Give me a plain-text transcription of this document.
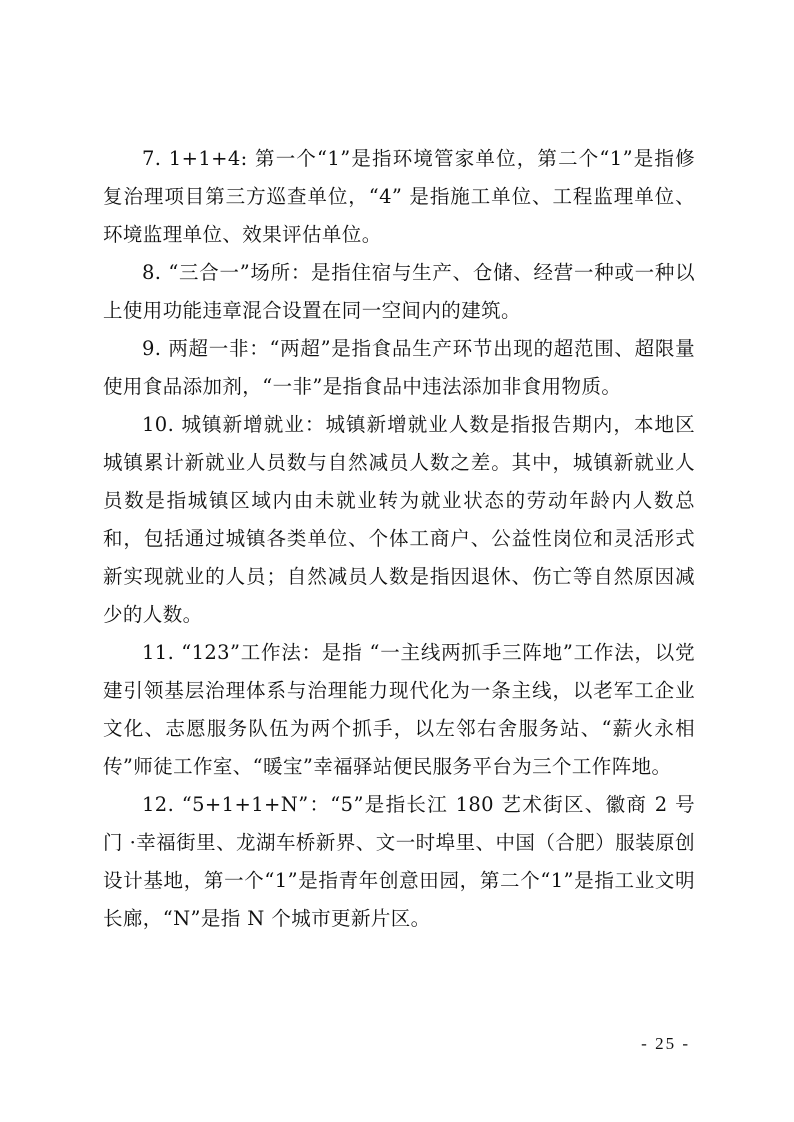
7. 1+1+4: 第一个“1”是指环境管家单位，第二个“1”是指修复治理项目第三方巡查单位，“4” 是指施工单位、工程监理单位、环境监理单位、效果评估单位。

8. “三合一”场所：是指住宿与生产、仓储、经营一种或一种以上使用功能违章混合设置在同一空间内的建筑。

9. 两超一非：“两超”是指食品生产环节出现的超范围、超限量使用食品添加剂，“一非”是指食品中违法添加非食用物质。

10. 城镇新增就业：城镇新增就业人数是指报告期内，本地区城镇累计新就业人员数与自然减员人数之差。其中，城镇新就业人员数是指城镇区域内由未就业转为就业状态的劳动年龄内人数总和，包括通过城镇各类单位、个体工商户、公益性岗位和灵活形式新实现就业的人员；自然减员人数是指因退休、伤亡等自然原因减少的人数。

11. “123”工作法：是指 “一主线两抓手三阵地”工作法，以党建引领基层治理体系与治理能力现代化为一条主线，以老军工企业文化、志愿服务队伍为两个抓手，以左邻右舍服务站、“薪火永相传”师徒工作室、“暖宝”幸福驿站便民服务平台为三个工作阵地。

12. “5+1+1+N”：“5”是指长江 180 艺术街区、徽商 2 号门 ·幸福街里、龙湖车桥新界、文一时埠里、中国（合肥）服装原创设计基地，第一个“1”是指青年创意田园，第二个“1”是指工业文明长廊，“N”是指 N 个城市更新片区。

- 25 -
